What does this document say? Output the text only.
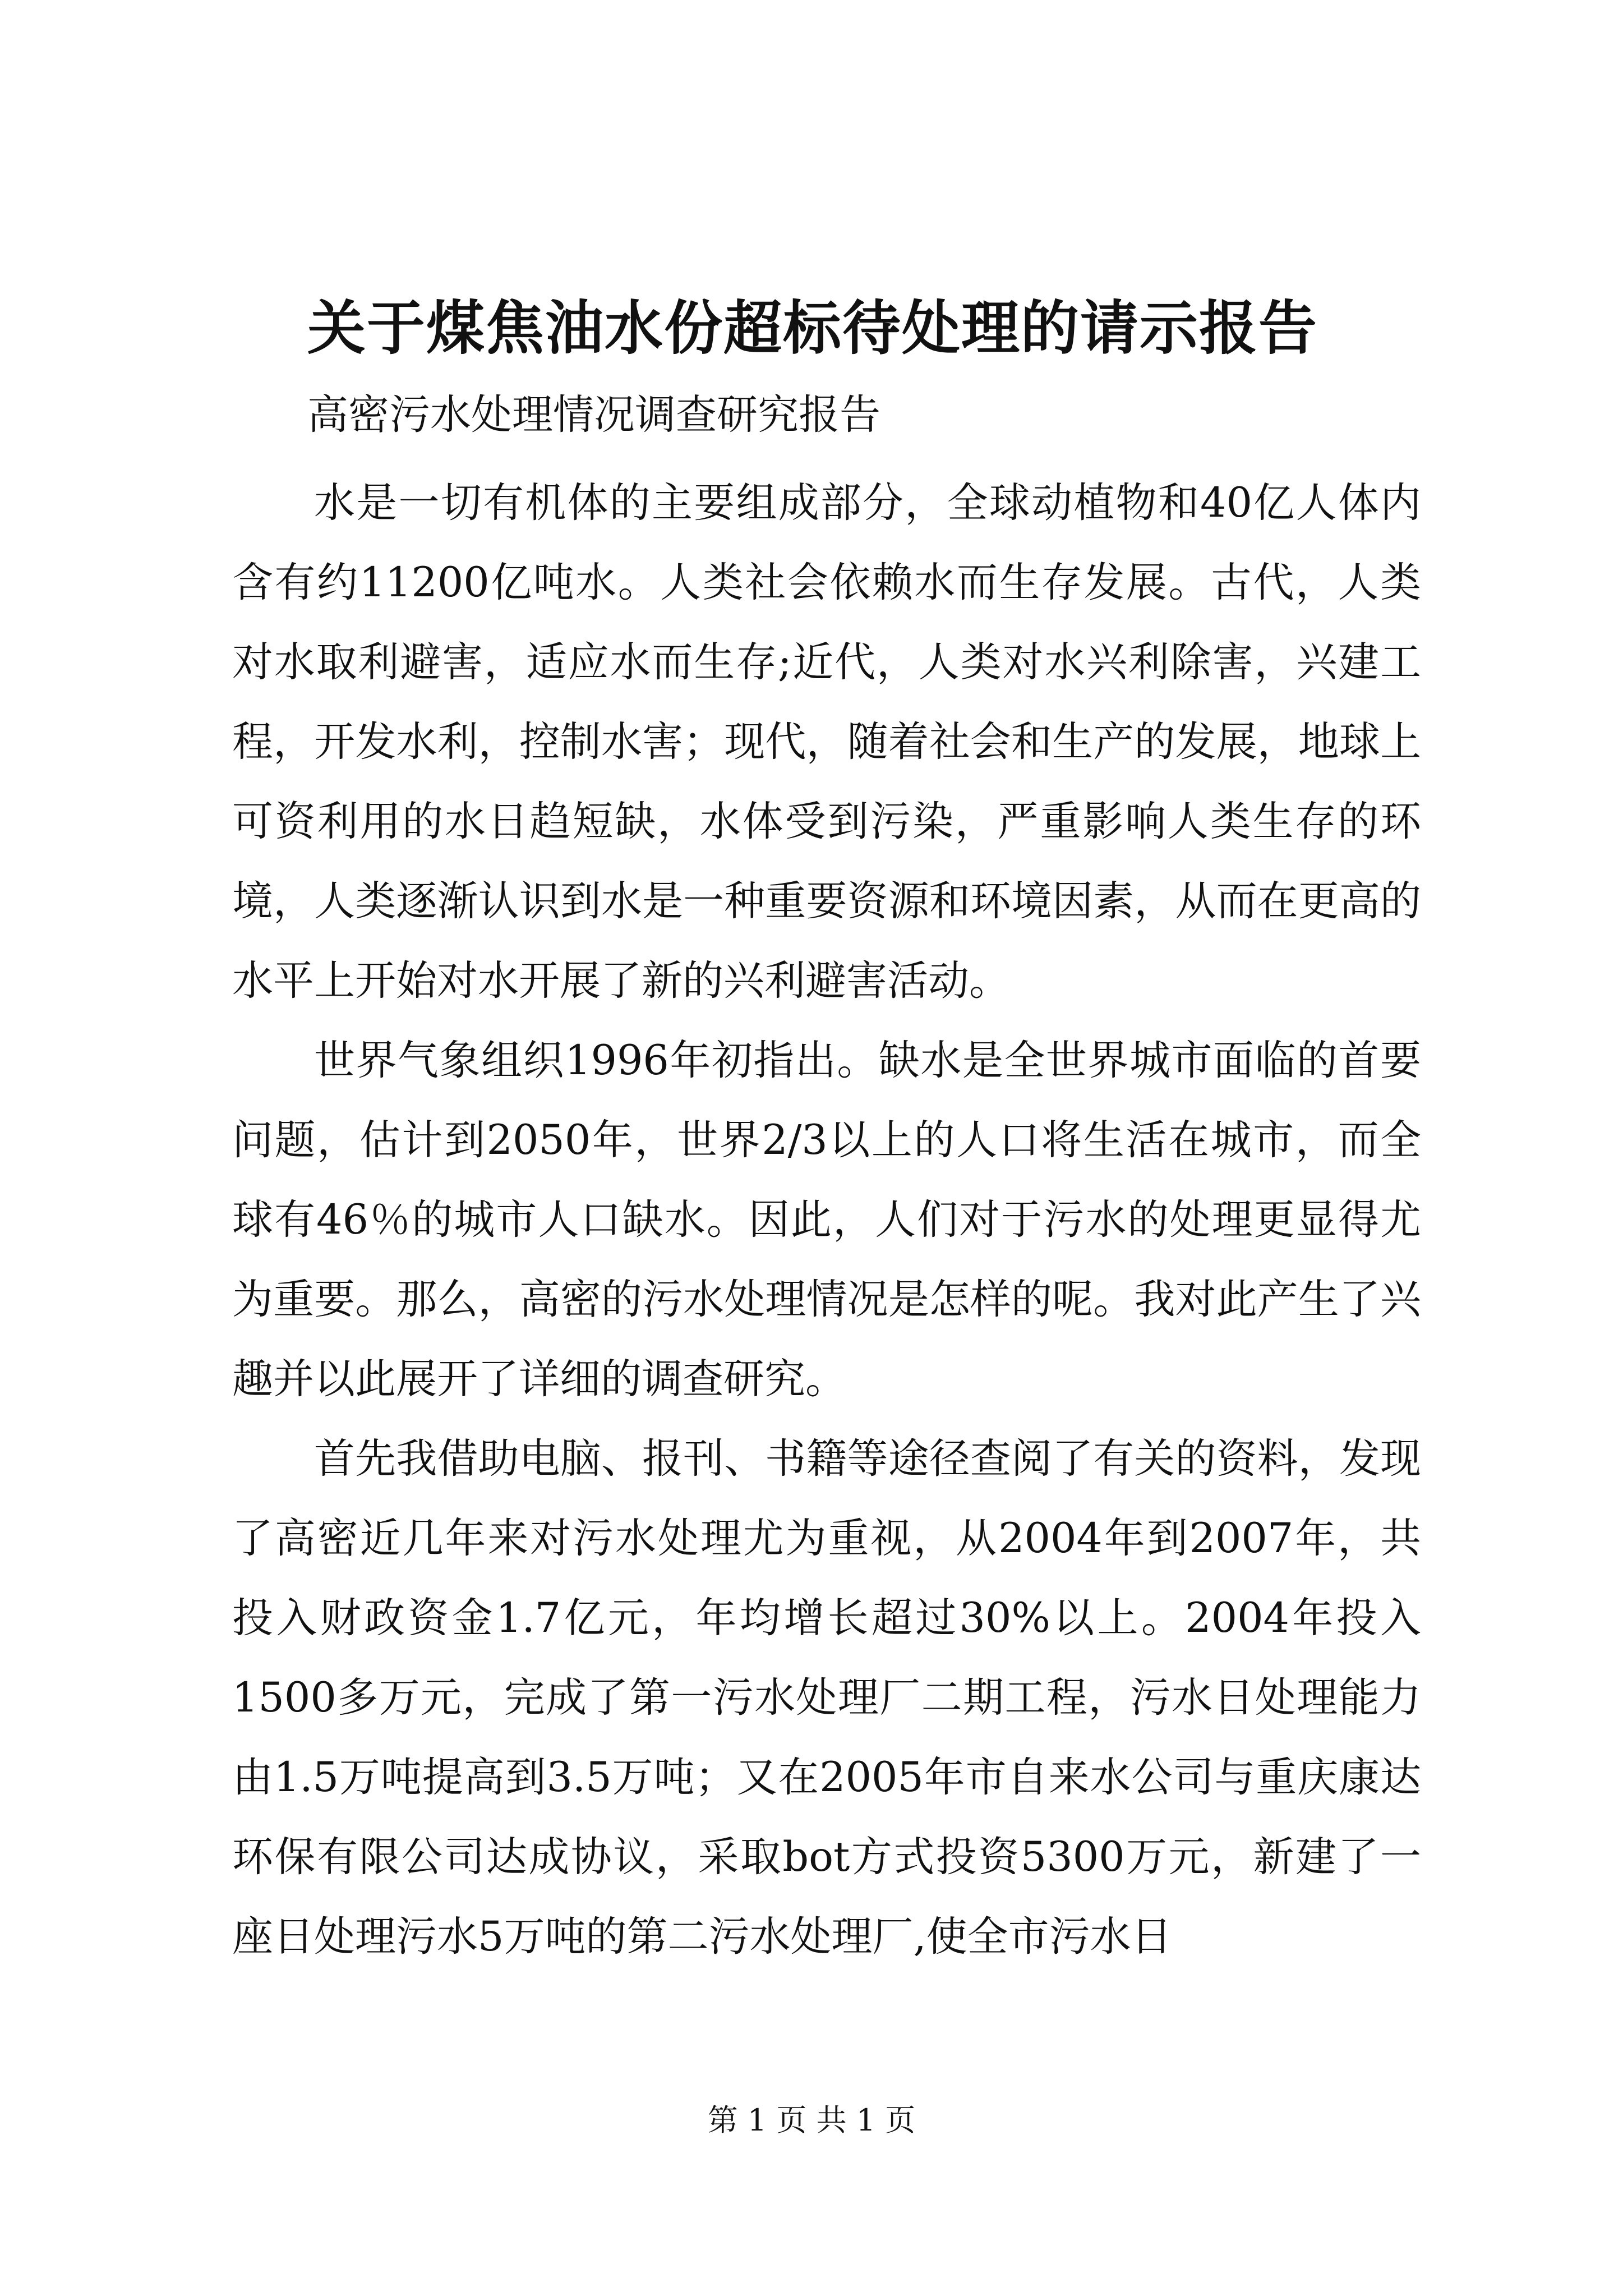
关于煤焦油水份超标待处理的请示报告
高密污水处理情况调查研究报告

水是一切有机体的主要组成部分，全球动植物和40亿人体内含有约11200亿吨水。人类社会依赖水而生存发展。古代，人类对水取利避害，适应水而生存;近代，人类对水兴利除害，兴建工程，开发水利，控制水害；现代，随着社会和生产的发展，地球上可资利用的水日趋短缺，水体受到污染，严重影响人类生存的环境，人类逐渐认识到水是一种重要资源和环境因素，从而在更高的水平上开始对水开展了新的兴利避害活动。

世界气象组织1996年初指出。缺水是全世界城市面临的首要问题，估计到2050年，世界2/3以上的人口将生活在城市，而全球有46％的城市人口缺水。因此，人们对于污水的处理更显得尤为重要。那么，高密的污水处理情况是怎样的呢。我对此产生了兴趣并以此展开了详细的调查研究。

首先我借助电脑、报刊、书籍等途径查阅了有关的资料，发现了高密近几年来对污水处理尤为重视，从2004年到2007年，共投入财政资金1.7亿元，年均增长超过30%以上。2004年投入1500多万元，完成了第一污水处理厂二期工程，污水日处理能力由1.5万吨提高到3.5万吨；又在2005年市自来水公司与重庆康达环保有限公司达成协议，采取bot方式投资5300万元，新建了一座日处理污水5万吨的第二污水处理厂,使全市污水日

第 1 页 共 1 页
